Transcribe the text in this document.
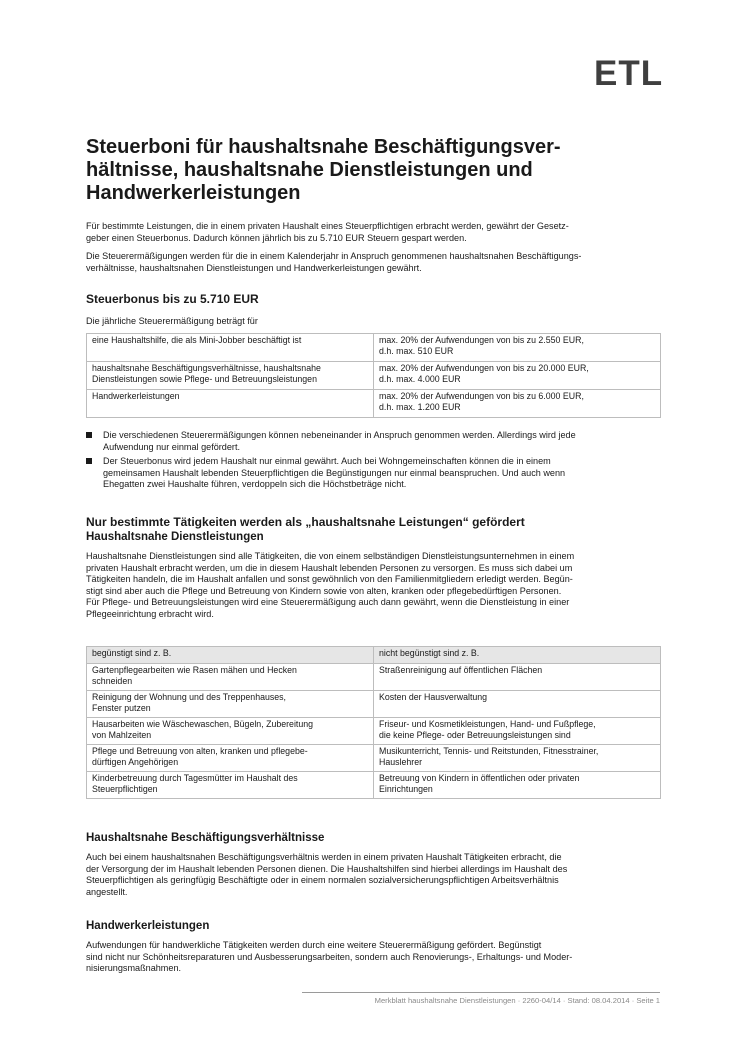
ETL
Steuerboni für haushaltsnahe Beschäftigungsver-
hältnisse, haushaltsnahe Dienstleistungen und
Handwerkerleistungen

Für bestimmte Leistungen, die in einem privaten Haushalt eines Steuerpflichtigen erbracht werden, gewährt der Gesetz-
geber einen Steuerbonus. Dadurch können jährlich bis zu 5.710 EUR Steuern gespart werden.

Die Steuerermäßigungen werden für die in einem Kalenderjahr in Anspruch genommenen haushaltsnahen Beschäftigungs-
verhältnisse, haushaltsnahen Dienstleistungen und Handwerkerleistungen gewährt.

Steuerbonus bis zu 5.710 EUR

Die jährliche Steuerermäßigung beträgt für

eine Haushaltshilfe, die als Mini-Jobber beschäftigt ist	max. 20% der Aufwendungen von bis zu 2.550 EUR,
d.h. max. 510 EUR
haushaltsnahe Beschäftigungsverhältnisse, haushaltsnahe
Dienstleistungen sowie Pflege- und Betreuungsleistungen	max. 20% der Aufwendungen von bis zu 20.000 EUR,
d.h. max. 4.000 EUR
Handwerkerleistungen	max. 20% der Aufwendungen von bis zu 6.000 EUR,
d.h. max. 1.200 EUR
Die verschiedenen Steuerermäßigungen können nebeneinander in Anspruch genommen werden. Allerdings wird jede
Aufwendung nur einmal gefördert.
Der Steuerbonus wird jedem Haushalt nur einmal gewährt. Auch bei Wohngemeinschaften können die in einem
gemeinsamen Haushalt lebenden Steuerpflichtigen die Begünstigungen nur einmal beanspruchen. Und auch wenn
Ehegatten zwei Haushalte führen, verdoppeln sich die Höchstbeträge nicht.
Nur bestimmte Tätigkeiten werden als „haushaltsnahe Leistungen“ gefördert
Haushaltsnahe Dienstleistungen

Haushaltsnahe Dienstleistungen sind alle Tätigkeiten, die von einem selbständigen Dienstleistungsunternehmen in einem
privaten Haushalt erbracht werden, um die in diesem Haushalt lebenden Personen zu versorgen. Es muss sich dabei um
Tätigkeiten handeln, die im Haushalt anfallen und sonst gewöhnlich von den Familienmitgliedern erledigt werden. Begün-
stigt sind aber auch die Pflege und Betreuung von Kindern sowie von alten, kranken oder pflegebedürftigen Personen.
Für Pflege- und Betreuungsleistungen wird eine Steuerermäßigung auch dann gewährt, wenn die Dienstleistung in einer
Pflegeeinrichtung erbracht wird.

begünstigt sind z. B.	nicht begünstigt sind z. B.
Gartenpflegearbeiten wie Rasen mähen und Hecken
schneiden	Straßenreinigung auf öffentlichen Flächen
Reinigung der Wohnung und des Treppenhauses,
Fenster putzen	Kosten der Hausverwaltung
Hausarbeiten wie Wäschewaschen, Bügeln, Zubereitung
von Mahlzeiten	Friseur- und Kosmetikleistungen, Hand- und Fußpflege,
die keine Pflege- oder Betreuungsleistungen sind
Pflege und Betreuung von alten, kranken und pflegebe-
dürftigen Angehörigen	Musikunterricht, Tennis- und Reitstunden, Fitnesstrainer,
Hauslehrer
Kinderbetreuung durch Tagesmütter im Haushalt des
Steuerpflichtigen	Betreuung von Kindern in öffentlichen oder privaten
Einrichtungen
Haushaltsnahe Beschäftigungsverhältnisse

Auch bei einem haushaltsnahen Beschäftigungsverhältnis werden in einem privaten Haushalt Tätigkeiten erbracht, die
der Versorgung der im Haushalt lebenden Personen dienen. Die Haushaltshilfen sind hierbei allerdings im Haushalt des
Steuerpflichtigen als geringfügig Beschäftigte oder in einem normalen sozialversicherungspflichtigen Arbeitsverhältnis
angestellt.

Handwerkerleistungen

Aufwendungen für handwerkliche Tätigkeiten werden durch eine weitere Steuerermäßigung gefördert. Begünstigt
sind nicht nur Schönheitsreparaturen und Ausbesserungsarbeiten, sondern auch Renovierungs-, Erhaltungs- und Moder-
nisierungsmaßnahmen.

Merkblatt haushaltsnahe Dienstleistungen · 2260-04/14 · Stand: 08.04.2014 · Seite 1
